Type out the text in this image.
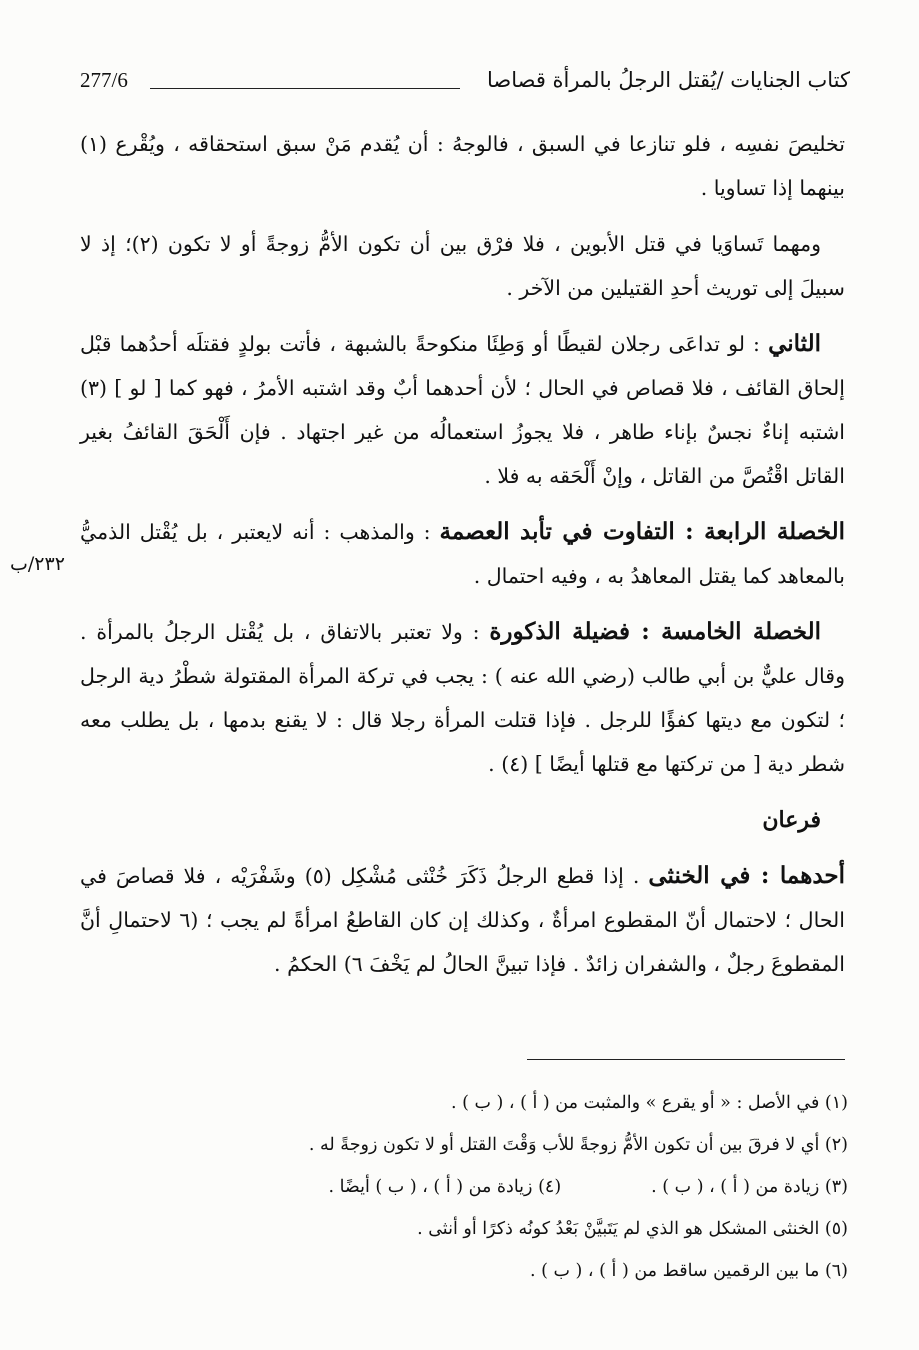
كتاب الجنايات /يُقتل الرجلُ بالمرأة قصاصا
277/6
٢٣٢/ب

تخليصَ نفسِه ، فلو تنازعا في السبق ، فالوجهُ : أن يُقدم مَنْ سبق استحقاقه ، ويُقْرع (١) بينهما إذا تساويا .

ومهما تَساوَيا في قتل الأبوين ، فلا فرْق بين أن تكون الأمُّ زوجةً أو لا تكون (٢)؛ إذ لا سبيلَ إلى توريث أحدِ القتيلين من الآخر .

الثاني : لو تداعَى رجلان لقيطًا أو وَطِئَا منكوحةً بالشبهة ، فأتت بولدٍ فقتلَه أحدُهما قبْل إلحاق القائف ، فلا قصاص في الحال ؛ لأن أحدهما أبٌ وقد اشتبه الأمرُ ، فهو كما [ لو ] (٣) اشتبه إناءٌ نجسٌ بإناء طاهر ، فلا يجوزُ استعمالُه من غير اجتهاد . فإن أَلْحَقَ القائفُ بغير القاتل اقْتُصَّ من القاتل ، وإنْ أَلْحَقه به فلا .

الخصلة الرابعة : التفاوت في تأبد العصمة : والمذهب : أنه لايعتبر ، بل يُقْتل الذميُّ بالمعاهد كما يقتل المعاهدُ به ، وفيه احتمال .

الخصلة الخامسة : فضيلة الذكورة : ولا تعتبر بالاتفاق ، بل يُقْتل الرجلُ بالمرأة . وقال عليٌّ بن أبي طالب (رضي الله عنه ) : يجب في تركة المرأة المقتولة شطْرُ دية الرجل ؛ لتكون مع ديتها كفؤًا للرجل . فإذا قتلت المرأة رجلا قال : لا يقنع بدمها ، بل يطلب معه شطر دية [ من تركتها مع قتلها أيضًا ] (٤) .

فرعان

أحدهما : في الخنثى . إذا قطع الرجلُ ذَكَرَ خُنْثى مُشْكِل (٥) وشَفْرَيْه ، فلا قصاصَ في الحال ؛ لاحتمال أنّ المقطوع امرأةٌ ، وكذلك إن كان القاطعُ امرأةً لم يجب ؛ (٦ لاحتمالِ أنَّ المقطوعَ رجلٌ ، والشفران زائدٌ . فإذا تبينَّ الحالُ لم يَخْفَ ٦) الحكمُ .

(١) في الأصل : « أو يقرع » والمثبت من ( أ ) ، ( ب ) .

(٢) أي لا فرقَ بين أن تكون الأمُّ زوجةً للأب وَقْتَ القتل أو لا تكون زوجةً له .

(٣) زيادة من ( أ ) ، ( ب ) .

(٤) زيادة من ( أ ) ، ( ب ) أيضًا .

(٥) الخنثى المشكل هو الذي لم يَتَبيَّنْ بَعْدُ كونُه ذكرًا أو أنثى .

(٦) ما بين الرقمين ساقط من ( أ ) ، ( ب ) .
